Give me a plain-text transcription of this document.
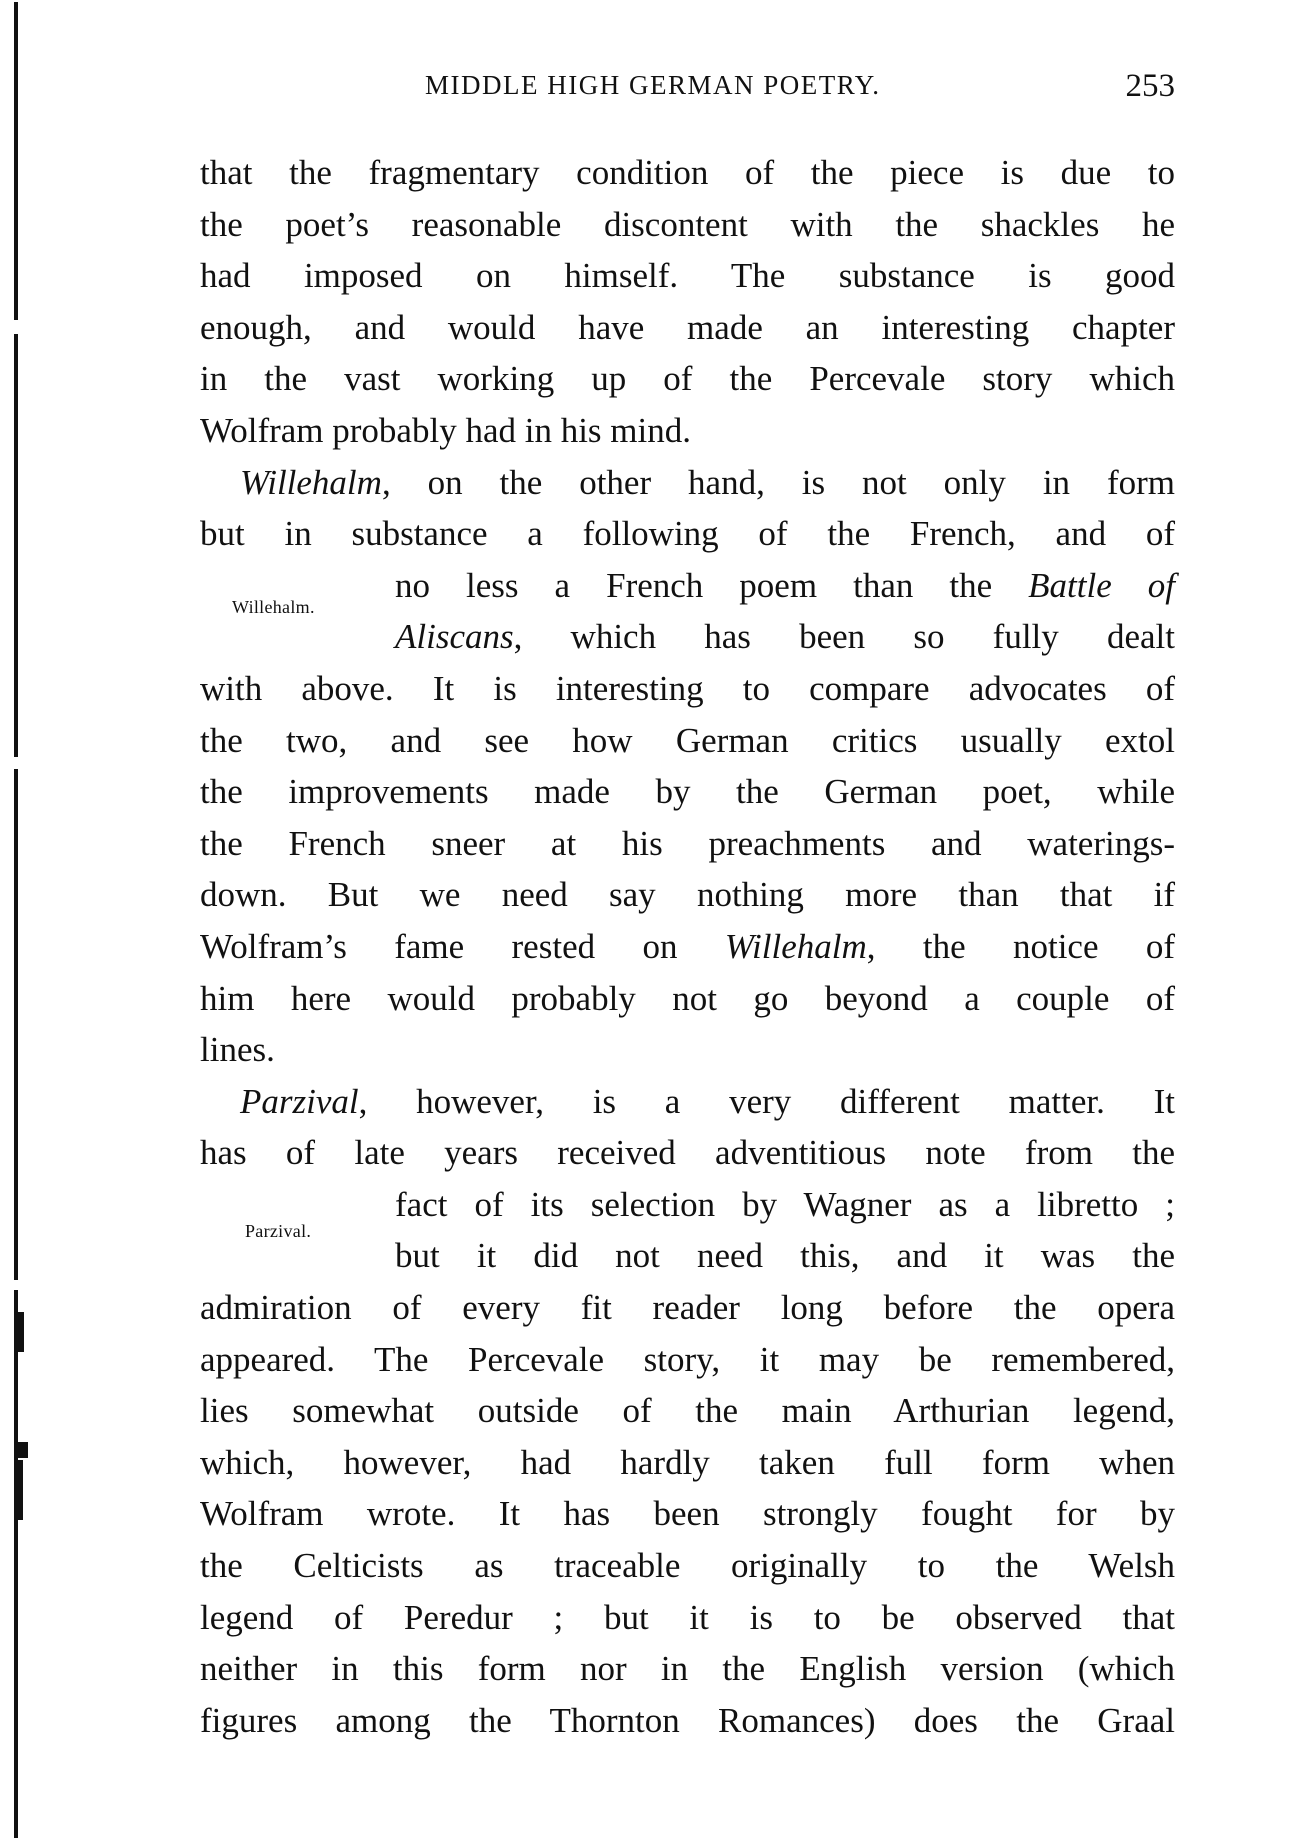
MIDDLE HIGH GERMAN POETRY.	253
Willehalm.
Parzival.
that the fragmentary condition of the piece is due to
the poet’s reasonable discontent with the shackles he
had imposed on himself. The substance is good
enough, and would have made an interesting chapter
in the vast working up of the Percevale story which
Wolfram probably had in his mind.
Willehalm, on the other hand, is not only in form
but in substance a following of the French, and of
no less a French poem than the Battle of
Aliscans, which has been so fully dealt
with above. It is interesting to compare advocates of
the two, and see how German critics usually extol
the improvements made by the German poet, while
the French sneer at his preachments and waterings-
down. But we need say nothing more than that if
Wolfram’s fame rested on Willehalm, the notice of
him here would probably not go beyond a couple of
lines.
Parzival, however, is a very different matter. It
has of late years received adventitious note from the
fact of its selection by Wagner as a libretto ;
but it did not need this, and it was the
admiration of every fit reader long before the opera
appeared. The Percevale story, it may be remembered,
lies somewhat outside of the main Arthurian legend,
which, however, had hardly taken full form when
Wolfram wrote. It has been strongly fought for by
the Celticists as traceable originally to the Welsh
legend of Peredur ; but it is to be observed that
neither in this form nor in the English version (which
figures among the Thornton Romances) does the Graal
